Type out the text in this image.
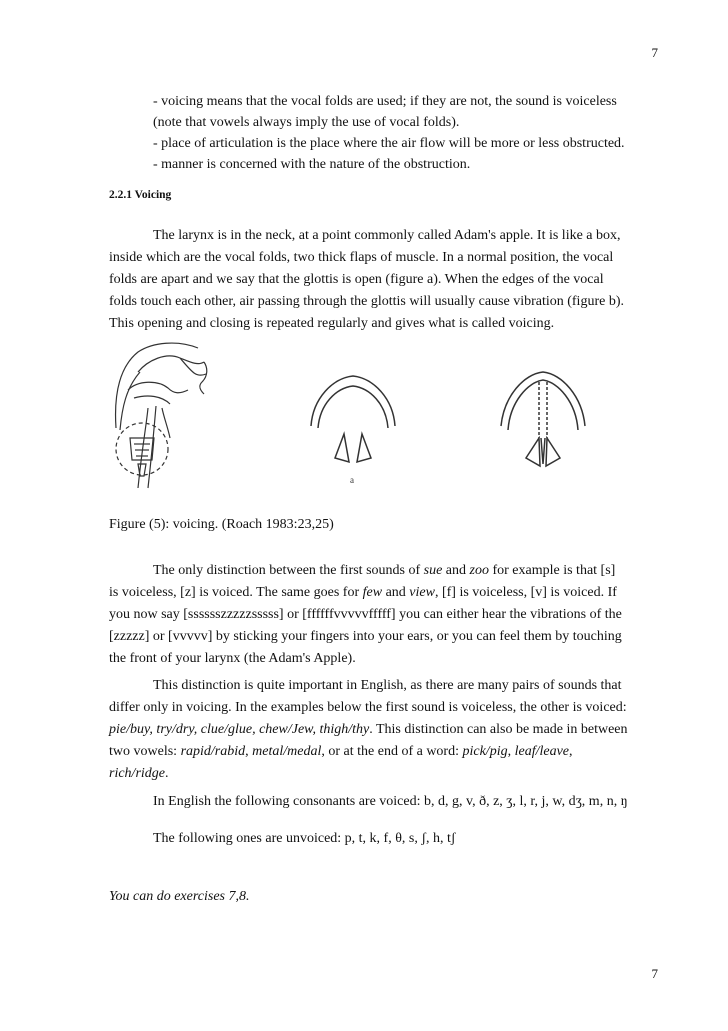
7
- voicing means that the vocal folds are used; if they are not, the sound is voiceless
(note that vowels always imply the use of vocal folds).
- place of articulation is the place where the air flow will be more or less obstructed.
- manner is concerned with the nature of the obstruction.
2.2.1 Voicing
The larynx is in the neck, at a point commonly called Adam's apple. It is like a box,
inside which are the vocal folds, two thick flaps of muscle. In a normal position, the vocal
folds are apart and we say that the glottis is open (figure a). When the edges of the vocal
folds touch each other, air passing through the glottis will usually cause vibration (figure b).
This opening and closing is repeated regularly and gives what is called voicing.
a
Figure (5): voicing. (Roach 1983:23,25)
The only distinction between the first sounds of sue and zoo for example is that [s]
is voiceless, [z] is voiced. The same goes for few and view, [f] is voiceless, [v] is voiced. If
you now say [sssssszzzzzsssss] or [ffffffvvvvvfffff] you can either hear the vibrations of the
[zzzzz] or [vvvvv] by sticking your fingers into your ears, or you can feel them by touching
the front of your larynx (the Adam's Apple).
This distinction is quite important in English, as there are many pairs of sounds that
differ only in voicing. In the examples below the first sound is voiceless, the other is voiced:
pie/buy, try/dry, clue/glue, chew/Jew, thigh/thy. This distinction can also be made in between
two vowels: rapid/rabid, metal/medal, or at the end of a word: pick/pig, leaf/leave,
rich/ridge.
In English the following consonants are voiced: b, d, g, v, ð, z, ʒ, l, r, j, w, dʒ, m, n, ŋ
The following ones are unvoiced: p, t, k, f, θ, s, ʃ, h, tʃ
You can do exercises 7,8.
7
